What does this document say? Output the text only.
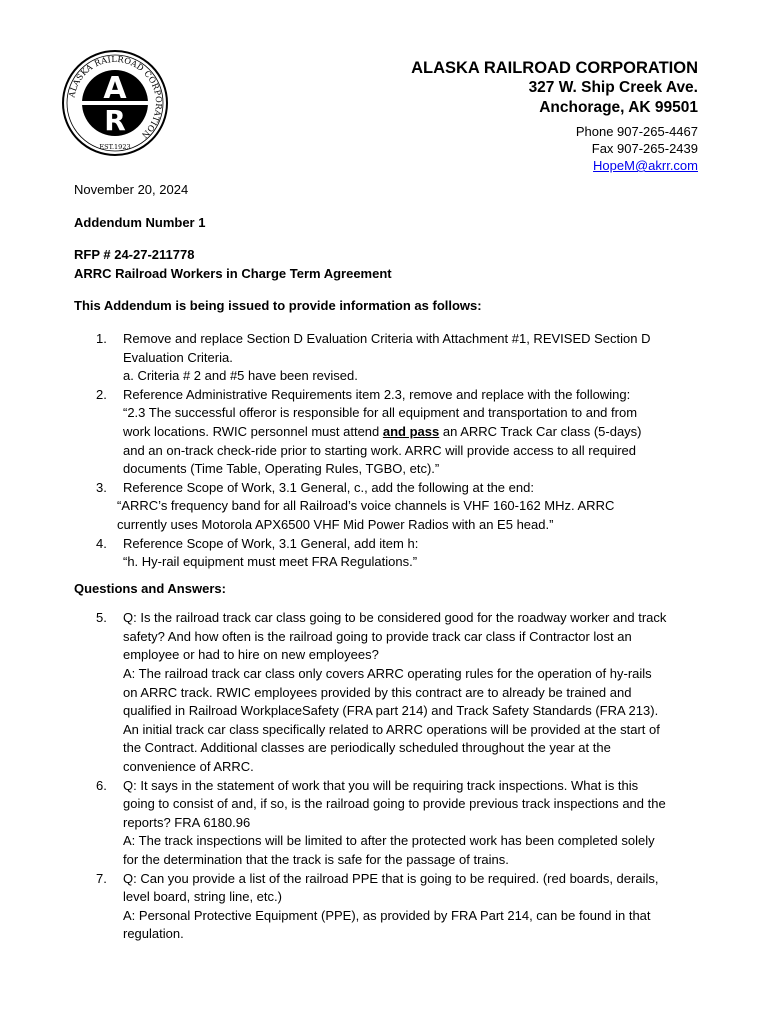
ALASKA RAILROAD CORPORATION
EST.1923
A
R
ALASKA RAILROAD CORPORATION
327 W. Ship Creek Ave.
Anchorage, AK 99501
Phone 907-265-4467
Fax 907-265-2439
HopeM@akrr.com

November 20, 2024

Addendum Number 1

RFP # 24-27-211778

ARRC Railroad Workers in Charge Term Agreement

This Addendum is being issued to provide information as follows:

1. Remove and replace Section D Evaluation Criteria with Attachment #1, REVISED Section D
Evaluation Criteria.
a. Criteria # 2 and #5 have been revised.
2. Reference Administrative Requirements item 2.3, remove and replace with the following:
“2.3 The successful offeror is responsible for all equipment and transportation to and from
work locations. RWIC personnel must attend and pass an ARRC Track Car class (5-days)
and an on-track check-ride prior to starting work. ARRC will provide access to all required
documents (Time Table, Operating Rules, TGBO, etc).”
3. Reference Scope of Work, 3.1 General, c., add the following at the end:
“ARRC’s frequency band for all Railroad’s voice channels is VHF 160-162 MHz. ARRC
currently uses Motorola APX6500 VHF Mid Power Radios with an E5 head.”
4. Reference Scope of Work, 3.1 General, add item h:
“h. Hy-rail equipment must meet FRA Regulations.”

Questions and Answers:

5. Q: Is the railroad track car class going to be considered good for the roadway worker and track
safety? And how often is the railroad going to provide track car class if Contractor lost an
employee or had to hire on new employees?
A: The railroad track car class only covers ARRC operating rules for the operation of hy-rails
on ARRC track. RWIC employees provided by this contract are to already be trained and
qualified in Railroad WorkplaceSafety (FRA part 214) and Track Safety Standards (FRA 213).
An initial track car class specifically related to ARRC operations will be provided at the start of
the Contract. Additional classes are periodically scheduled throughout the year at the
convenience of ARRC.
6. Q: It says in the statement of work that you will be requiring track inspections. What is this
going to consist of and, if so, is the railroad going to provide previous track inspections and the
reports? FRA 6180.96
A: The track inspections will be limited to after the protected work has been completed solely
for the determination that the track is safe for the passage of trains.
7. Q: Can you provide a list of the railroad PPE that is going to be required. (red boards, derails,
level board, string line, etc.)
A: Personal Protective Equipment (PPE), as provided by FRA Part 214, can be found in that
regulation.
